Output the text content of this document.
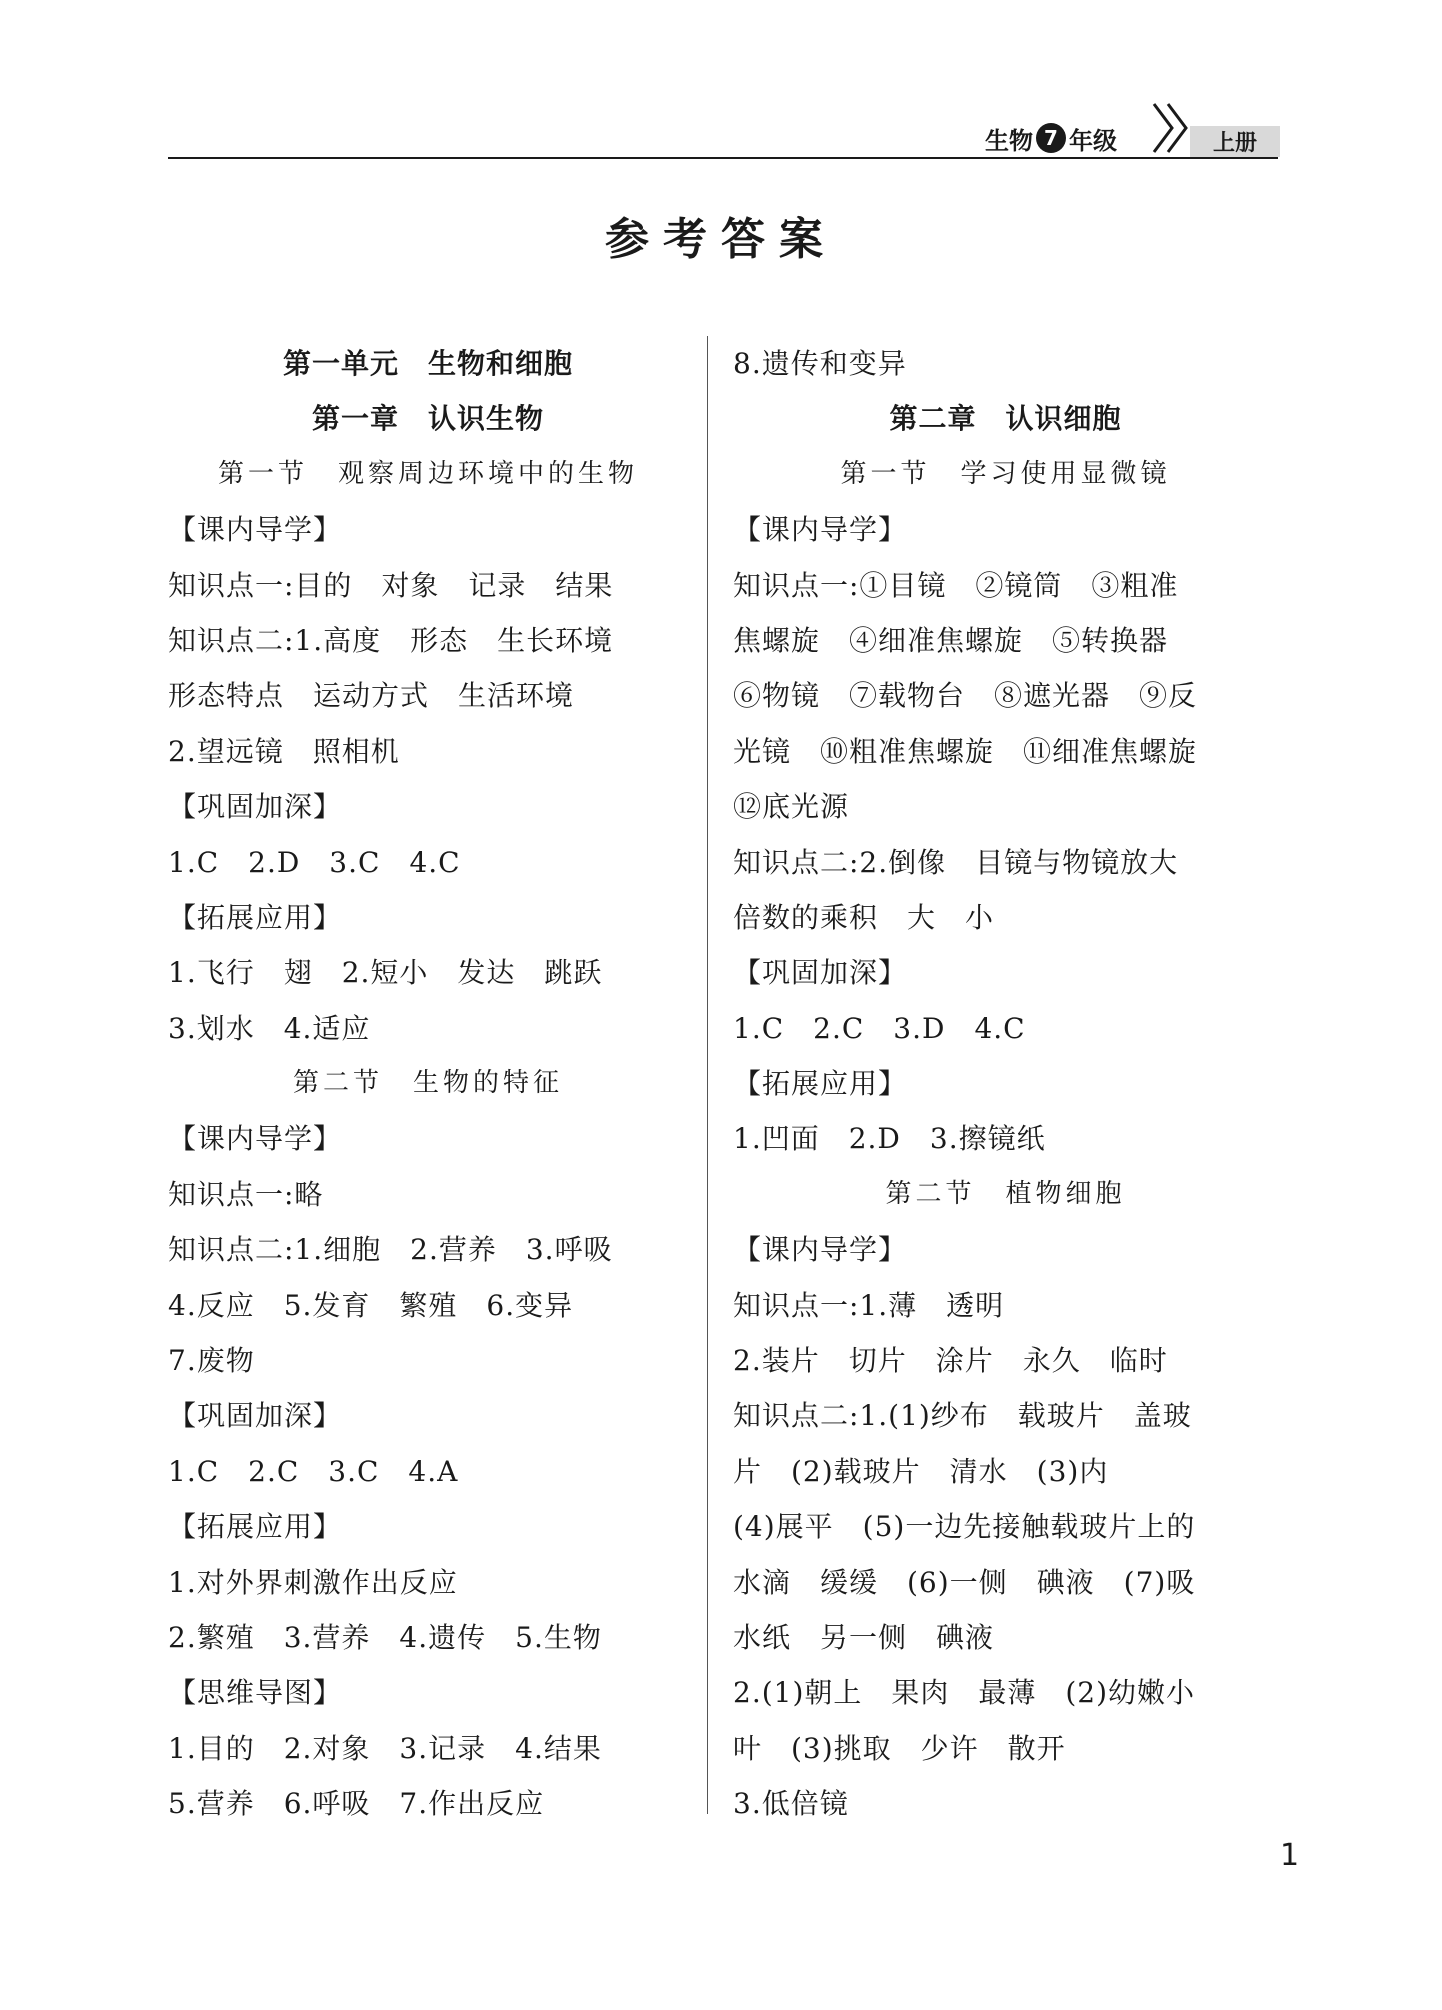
生物 7 年级	上册
参考答案
第一单元　生物和细胞
第一章　认识生物
第一节　观察周边环境中的生物
【课内导学】
知识点一:目的　对象　记录　结果
知识点二:1.高度　形态　生长环境
形态特点　运动方式　生活环境
2.望远镜　照相机
【巩固加深】
1.C　2.D　3.C　4.C
【拓展应用】
1.飞行　翅　2.短小　发达　跳跃
3.划水　4.适应
第二节　生物的特征
【课内导学】
知识点一:略
知识点二:1.细胞　2.营养　3.呼吸
4.反应　5.发育　繁殖　6.变异
7.废物
【巩固加深】
1.C　2.C　3.C　4.A
【拓展应用】
1.对外界刺激作出反应
2.繁殖　3.营养　4.遗传　5.生物
【思维导图】
1.目的　2.对象　3.记录　4.结果
5.营养　6.呼吸　7.作出反应
8.遗传和变异
第二章　认识细胞
第一节　学习使用显微镜
【课内导学】
知识点一:①目镜　②镜筒　③粗准
焦螺旋　④细准焦螺旋　⑤转换器
⑥物镜　⑦载物台　⑧遮光器　⑨反
光镜　⑩粗准焦螺旋　⑪细准焦螺旋
⑫底光源
知识点二:2.倒像　目镜与物镜放大
倍数的乘积　大　小
【巩固加深】
1.C　2.C　3.D　4.C
【拓展应用】
1.凹面　2.D　3.擦镜纸
第二节　植物细胞
【课内导学】
知识点一:1.薄　透明
2.装片　切片　涂片　永久　临时
知识点二:1.(1)纱布　载玻片　盖玻
片　(2)载玻片　清水　(3)内
(4)展平　(5)一边先接触载玻片上的
水滴　缓缓　(6)一侧　碘液　(7)吸
水纸　另一侧　碘液
2.(1)朝上　果肉　最薄　(2)幼嫩小
叶　(3)挑取　少许　散开
3.低倍镜
1
